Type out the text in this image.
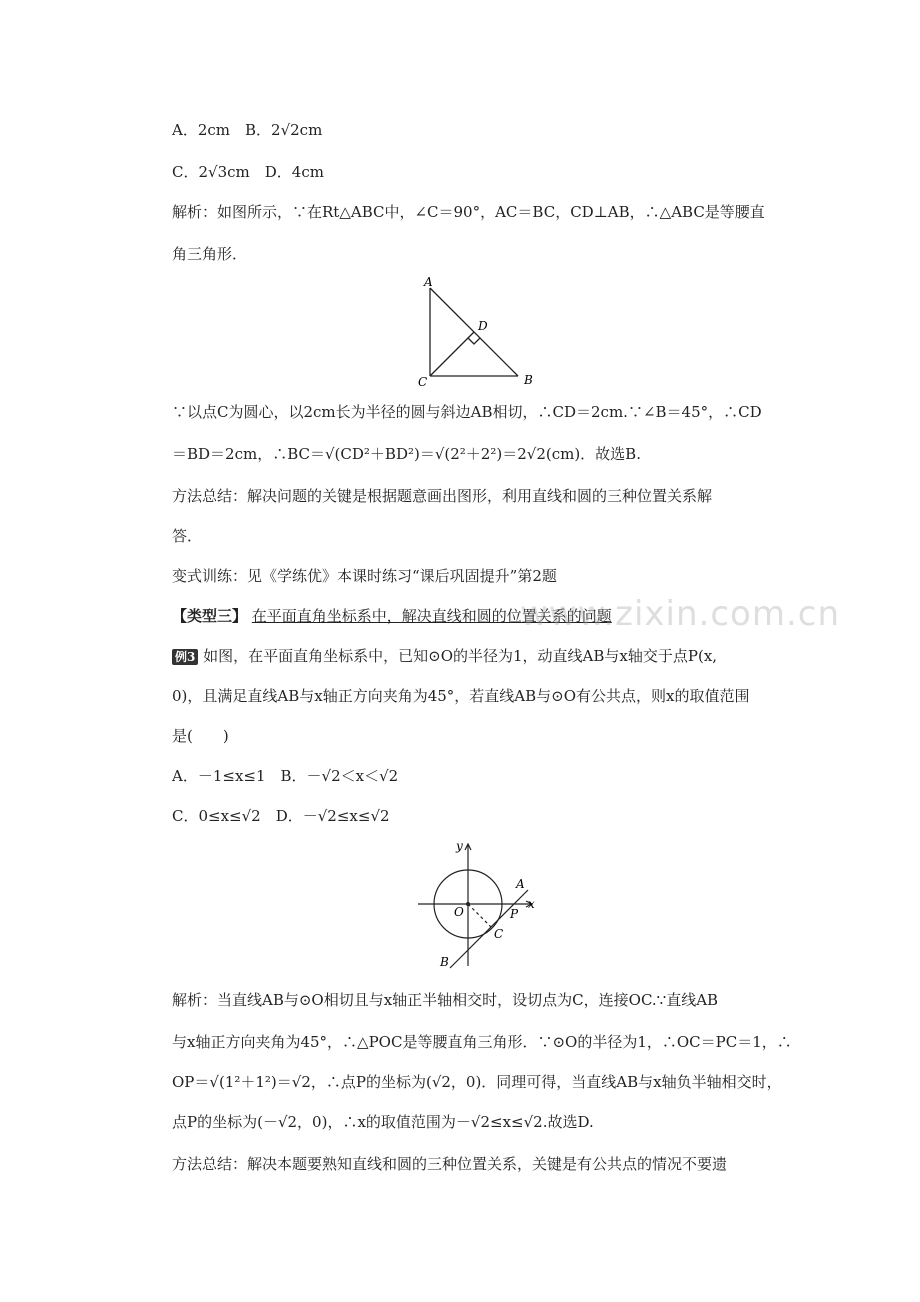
A．2cm　B．2√2cm
C．2√3cm　D．4cm
解析：如图所示，∵在Rt△ABC中，∠C＝90°，AC＝BC，CD⊥AB，∴△ABC是等腰直
角三角形．
A
D
C	B
∵以点C为圆心，以2cm长为半径的圆与斜边AB相切，∴CD＝2cm.∵∠B＝45°，∴CD
＝BD＝2cm，∴BC＝√(CD²＋BD²)＝√(2²＋2²)＝2√2(cm)．故选B.
方法总结：解决问题的关键是根据题意画出图形，利用直线和圆的三种位置关系解
答．
变式训练：见《学练优》本课时练习“课后巩固提升”第2题
【类型三】 在平面直角坐标系中，解决直线和圆的位置关系的问题
www.zixin.com.cn
例3 如图，在平面直角坐标系中，已知⊙O的半径为1，动直线AB与x轴交于点P(x,
0)，且满足直线AB与x轴正方向夹角为45°，若直线AB与⊙O有公共点，则x的取值范围
是(　　)
A．－1≤x≤1　B．－√2＜x＜√2
C．0≤x≤√2　D．－√2≤x≤√2
y
x
O	P
A
C
B
解析：当直线AB与⊙O相切且与x轴正半轴相交时，设切点为C，连接OC.∵直线AB
与x轴正方向夹角为45°，∴△POC是等腰直角三角形．∵⊙O的半径为1，∴OC＝PC＝1，∴
OP＝√(1²＋1²)＝√2，∴点P的坐标为(√2，0)．同理可得，当直线AB与x轴负半轴相交时，
点P的坐标为(－√2，0)，∴x的取值范围为－√2≤x≤√2.故选D.
方法总结：解决本题要熟知直线和圆的三种位置关系，关键是有公共点的情况不要遗
